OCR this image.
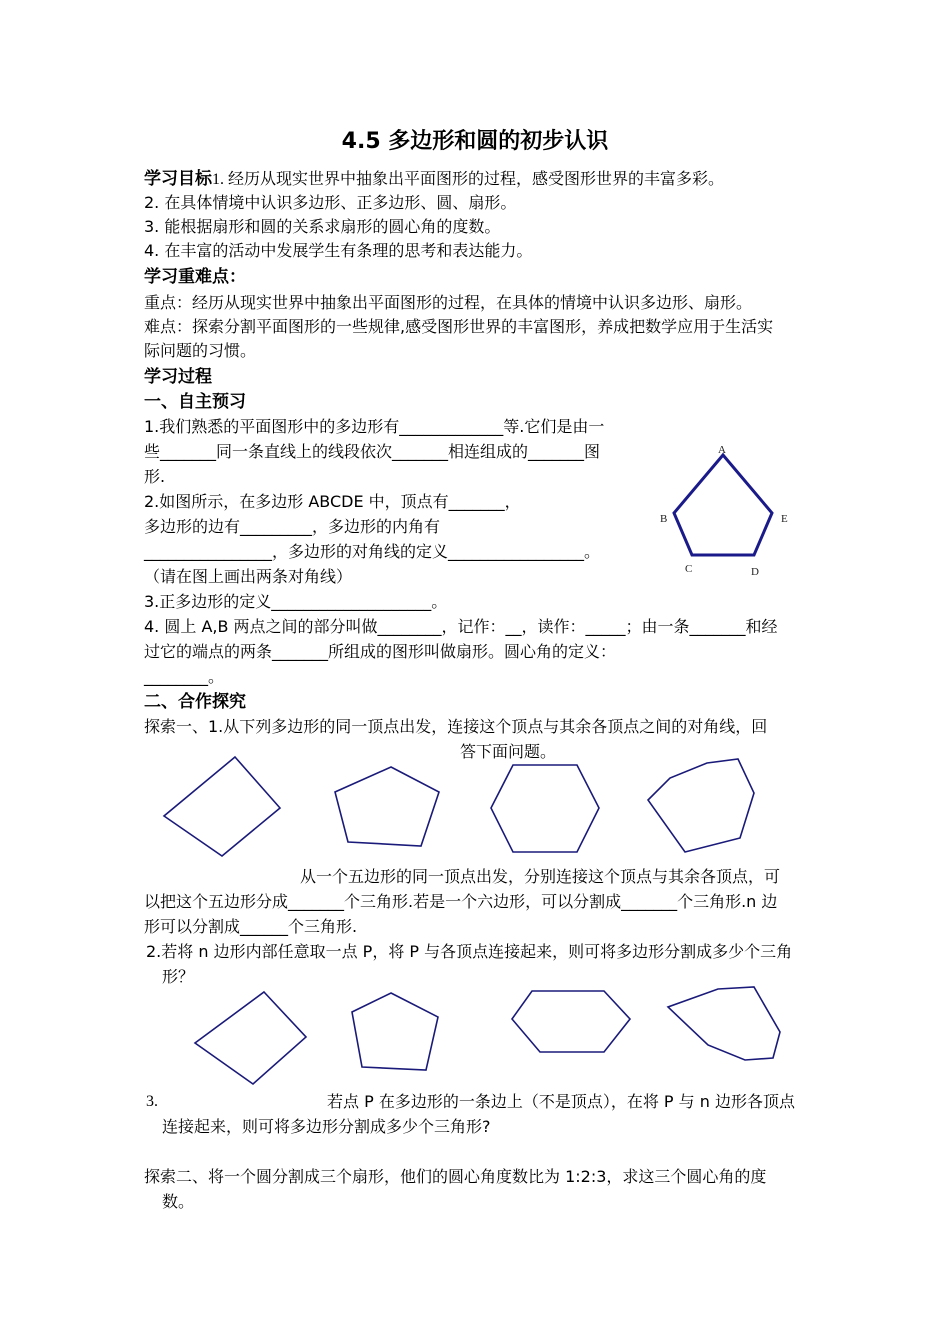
4.5 多边形和圆的初步认识
学习目标1. 经历从现实世界中抽象出平面图形的过程，感受图形世界的丰富多彩。
2. 在具体情境中认识多边形、正多边形、圆、扇形。
3. 能根据扇形和圆的关系求扇形的圆心角的度数。
4. 在丰富的活动中发展学生有条理的思考和表达能力。
学习重难点：
重点：经历从现实世界中抽象出平面图形的过程，在具体的情境中认识多边形、扇形。
难点：探索分割平面图形的一些规律,感受图形世界的丰富图形，养成把数学应用于生活实
际问题的习惯。
学习过程
一、自主预习
1.我们熟悉的平面图形中的多边形有_____________等.它们是由一
些_______同一条直线上的线段依次_______相连组成的_______图
形.
2.如图所示，在多边形 ABCDE 中，顶点有_______，
多边形的边有_________，多边形的内角有
________________，多边形的对角线的定义_________________。
（请在图上画出两条对角线）
3.正多边形的定义____________________。
4. 圆上 A,B 两点之间的部分叫做________，记作：__，读作：_____；由一条_______和经
过它的端点的两条_______所组成的图形叫做扇形。圆心角的定义：
________。
A
B
C	D
E
二、合作探究
探索一、1.从下列多边形的同一顶点出发，连接这个顶点与其余各顶点之间的对角线，回
答下面问题。
从一个五边形的同一顶点出发，分别连接这个顶点与其余各顶点，可
以把这个五边形分成_______个三角形.若是一个六边形，可以分割成_______个三角形.n 边
形可以分割成______个三角形.
2.若将 n 边形内部任意取一点 P，将 P 与各顶点连接起来，则可将多边形分割成多少个三角
形？
3.	若点 P 在多边形的一条边上（不是顶点），在将 P 与 n 边形各顶点
连接起来，则可将多边形分割成多少个三角形?
探索二、将一个圆分割成三个扇形，他们的圆心角度数比为 1:2:3，求这三个圆心角的度
数。
